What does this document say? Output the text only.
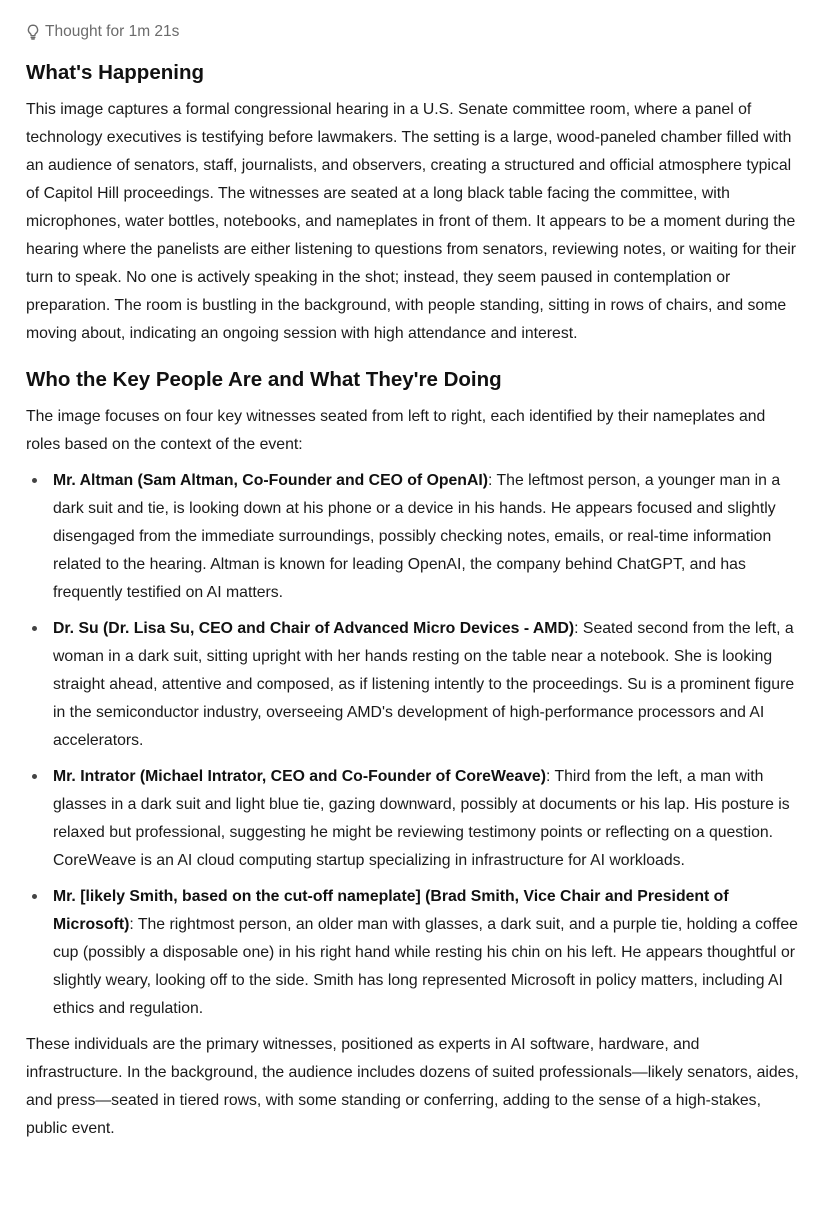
Thought for 1m 21s
What's Happening

This image captures a formal congressional hearing in a U.S. Senate committee room, where a panel of technology executives is testifying before lawmakers. The setting is a large, wood-paneled chamber filled with an audience of senators, staff, journalists, and observers, creating a structured and official atmosphere typical of Capitol Hill proceedings. The witnesses are seated at a long black table facing the committee, with microphones, water bottles, notebooks, and nameplates in front of them. It appears to be a moment during the hearing where the panelists are either listening to questions from senators, reviewing notes, or waiting for their turn to speak. No one is actively speaking in the shot; instead, they seem paused in contemplation or preparation. The room is bustling in the background, with people standing, sitting in rows of chairs, and some moving about, indicating an ongoing session with high attendance and interest.

Who the Key People Are and What They're Doing

The image focuses on four key witnesses seated from left to right, each identified by their nameplates and roles based on the context of the event:

Mr. Altman (Sam Altman, Co-Founder and CEO of OpenAI): The leftmost person, a younger man in a dark suit and tie, is looking down at his phone or a device in his hands. He appears focused and slightly disengaged from the immediate surroundings, possibly checking notes, emails, or real-time information related to the hearing. Altman is known for leading OpenAI, the company behind ChatGPT, and has frequently testified on AI matters.
Dr. Su (Dr. Lisa Su, CEO and Chair of Advanced Micro Devices - AMD): Seated second from the left, a woman in a dark suit, sitting upright with her hands resting on the table near a notebook. She is looking straight ahead, attentive and composed, as if listening intently to the proceedings. Su is a prominent figure in the semiconductor industry, overseeing AMD's development of high-performance processors and AI accelerators.
Mr. Intrator (Michael Intrator, CEO and Co-Founder of CoreWeave): Third from the left, a man with glasses in a dark suit and light blue tie, gazing downward, possibly at documents or his lap. His posture is relaxed but professional, suggesting he might be reviewing testimony points or reflecting on a question. CoreWeave is an AI cloud computing startup specializing in infrastructure for AI workloads.
Mr. [likely Smith, based on the cut-off nameplate] (Brad Smith, Vice Chair and President of Microsoft): The rightmost person, an older man with glasses, a dark suit, and a purple tie, holding a coffee cup (possibly a disposable one) in his right hand while resting his chin on his left. He appears thoughtful or slightly weary, looking off to the side. Smith has long represented Microsoft in policy matters, including AI ethics and regulation.

These individuals are the primary witnesses, positioned as experts in AI software, hardware, and infrastructure. In the background, the audience includes dozens of suited professionals—likely senators, aides, and press—seated in tiered rows, with some standing or conferring, adding to the sense of a high-stakes, public event.
